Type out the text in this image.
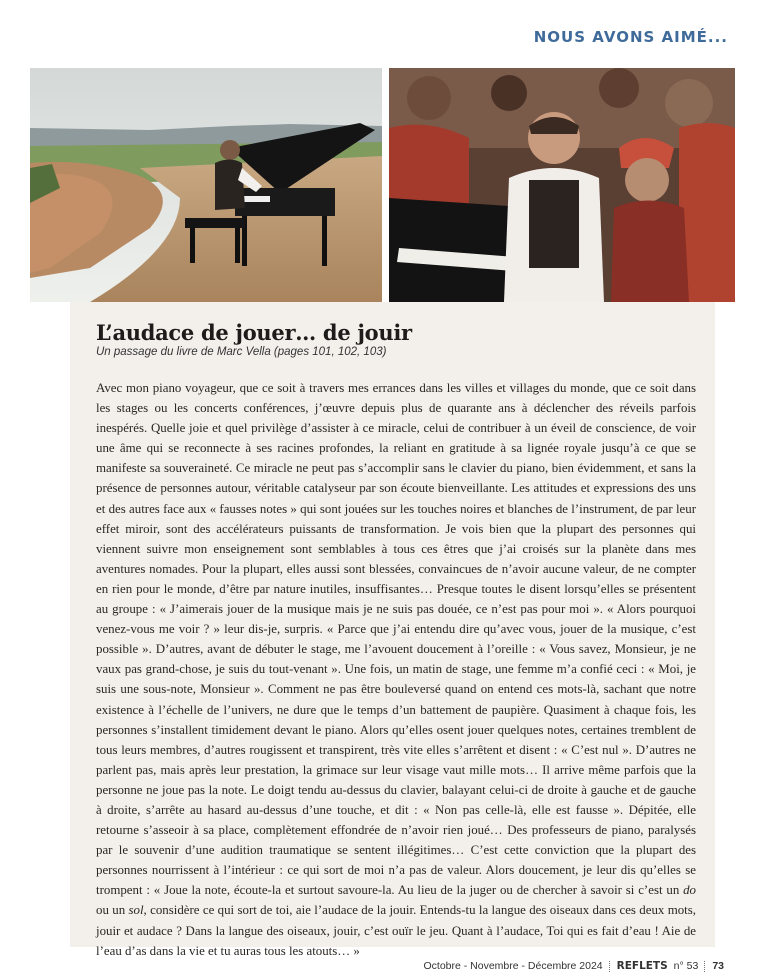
NOUS AVONS AIMÉ...
L’audace de jouer… de jouir
Un passage du livre de Marc Vella (pages 101, 102, 103)
Avec mon piano voyageur, que ce soit à travers mes errances dans les villes et villages du monde, que ce soit dans les stages ou les concerts conférences, j’œuvre depuis plus de quarante ans à déclencher des réveils parfois inespérés. Quelle joie et quel privilège d’assister à ce miracle, celui de contribuer à un éveil de conscience, de voir une âme qui se reconnecte à ses racines profondes, la reliant en gratitude à sa lignée royale jusqu’à ce que se manifeste sa souveraineté. Ce miracle ne peut pas s’accomplir sans le clavier du piano, bien évidemment, et sans la présence de personnes autour, véritable catalyseur par son écoute bienveillante. Les attitudes et expressions des uns et des autres face aux « fausses notes » qui sont jouées sur les touches noires et blanches de l’instrument, de par leur effet miroir, sont des accélérateurs puissants de transformation. Je vois bien que la plupart des personnes qui viennent suivre mon enseignement sont semblables à tous ces êtres que j’ai croisés sur la planète dans mes aventures nomades. Pour la plupart, elles aussi sont blessées, convaincues de n’avoir aucune valeur, de ne compter en rien pour le monde, d’être par nature inutiles, insuffisantes… Presque toutes le disent lorsqu’elles se présentent au groupe : « J’aimerais jouer de la musique mais je ne suis pas douée, ce n’est pas pour moi ». « Alors pourquoi venez-vous me voir ? » leur dis-je, surpris. « Parce que j’ai entendu dire qu’avec vous, jouer de la musique, c’est possible ». D’autres, avant de débuter le stage, me l’avouent doucement à l’oreille : « Vous savez, Monsieur, je ne vaux pas grand-chose, je suis du tout-venant ». Une fois, un matin de stage, une femme m’a confié ceci : « Moi, je suis une sous-note, Monsieur ». Comment ne pas être bouleversé quand on entend ces mots-là, sachant que notre existence à l’échelle de l’univers, ne dure que le temps d’un battement de paupière. Quasiment à chaque fois, les personnes s’installent timidement devant le piano. Alors qu’elles osent jouer quelques notes, certaines tremblent de tous leurs membres, d’autres rougissent et transpirent, très vite elles s’arrêtent et disent : « C’est nul ». D’autres ne parlent pas, mais après leur prestation, la grimace sur leur visage vaut mille mots… Il arrive même parfois que la personne ne joue pas la note. Le doigt tendu au-dessus du clavier, balayant celui-ci de droite à gauche et de gauche à droite, s’arrête au hasard au-dessus d’une touche, et dit : « Non pas celle-là, elle est fausse ». Dépitée, elle retourne s’asseoir à sa place, complètement effondrée de n’avoir rien joué… Des professeurs de piano, paralysés par le souvenir d’une audition traumatique se sentent illégitimes… C’est cette conviction que la plupart des personnes nourrissent à l’intérieur : ce qui sort de moi n’a pas de valeur. Alors doucement, je leur dis qu’elles se trompent : « Joue la note, écoute-la et surtout savoure-la. Au lieu de la juger ou de chercher à savoir si c’est un do ou un sol, considère ce qui sort de toi, aie l’audace de la jouir. Entends-tu la langue des oiseaux dans ces deux mots, jouir et audace ? Dans la langue des oiseaux, jouir, c’est ouïr le jeu. Quant à l’audace, Toi qui es fait d’eau ! Aie de l’eau d’as dans la vie et tu auras tous les atouts… »
Octobre - Novembre - Décembre 2024 REFLETS n° 53 73
